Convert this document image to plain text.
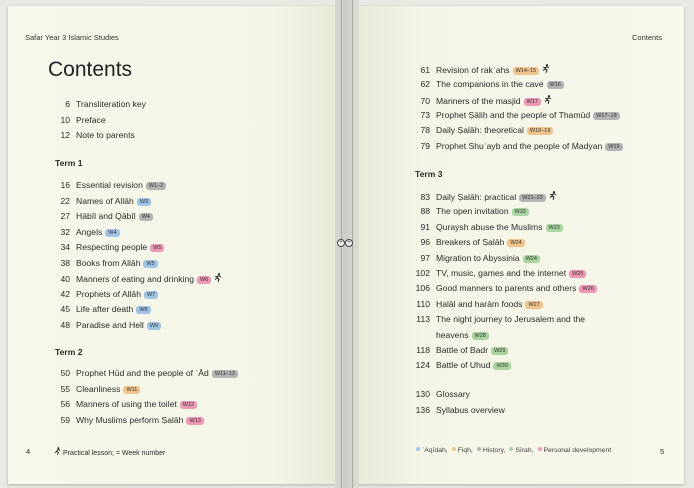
+ +
Safar Year 3 Islamic Studies
Contents
Contents
6 Transliteration key
10 Preface
12 Note to parents
Term 1
16 Essential revision W1–2
22 Names of Allāh W3
27 Hābīl and Qābīl W4
32 Angels W4
34 Respecting people W5
38 Books from Allāh W5
40 Manners of eating and drinking W6
42 Prophets of Allāh W7
45 Life after death W8
48 Paradise and Hell W9
Term 2
50 Prophet Hūd and the people of ʿĀd W11–12
55 Cleanliness W11
56 Manners of using the toilet W12
59 Why Muslims perform Ṣalāh W13
61 Revision of rakʿahs W14–15
62 The companions in the cave W16
70 Manners of the masjid W17
73 Prophet Ṣāliḥ and the people of Thamūd W17–18
78 Daily Ṣalāh: theoretical W18–19
79 Prophet Shuʿayb and the people of Madyan W19
Term 3
83 Daily Ṣalāh: practical W21–23
88 The open invitation W22
91 Quraysh abuse the Muslims W23
96 Breakers of Ṣalāh W24
97 Migration to Abyssinia W24
102 TV, music, games and the internet W25
106 Good manners to parents and others W26
110 Ḥalāl and ḥarām foods W27
113 The night journey to Jerusalem and the
heavens W28
118 Battle of Badr W29
124 Battle of Uhud W30
130 Glossary
136 Syllabus overview
4	Practical lesson; = Week number	ʿAqīdah, Fiqh, History, Sīrah, Personal development	5
